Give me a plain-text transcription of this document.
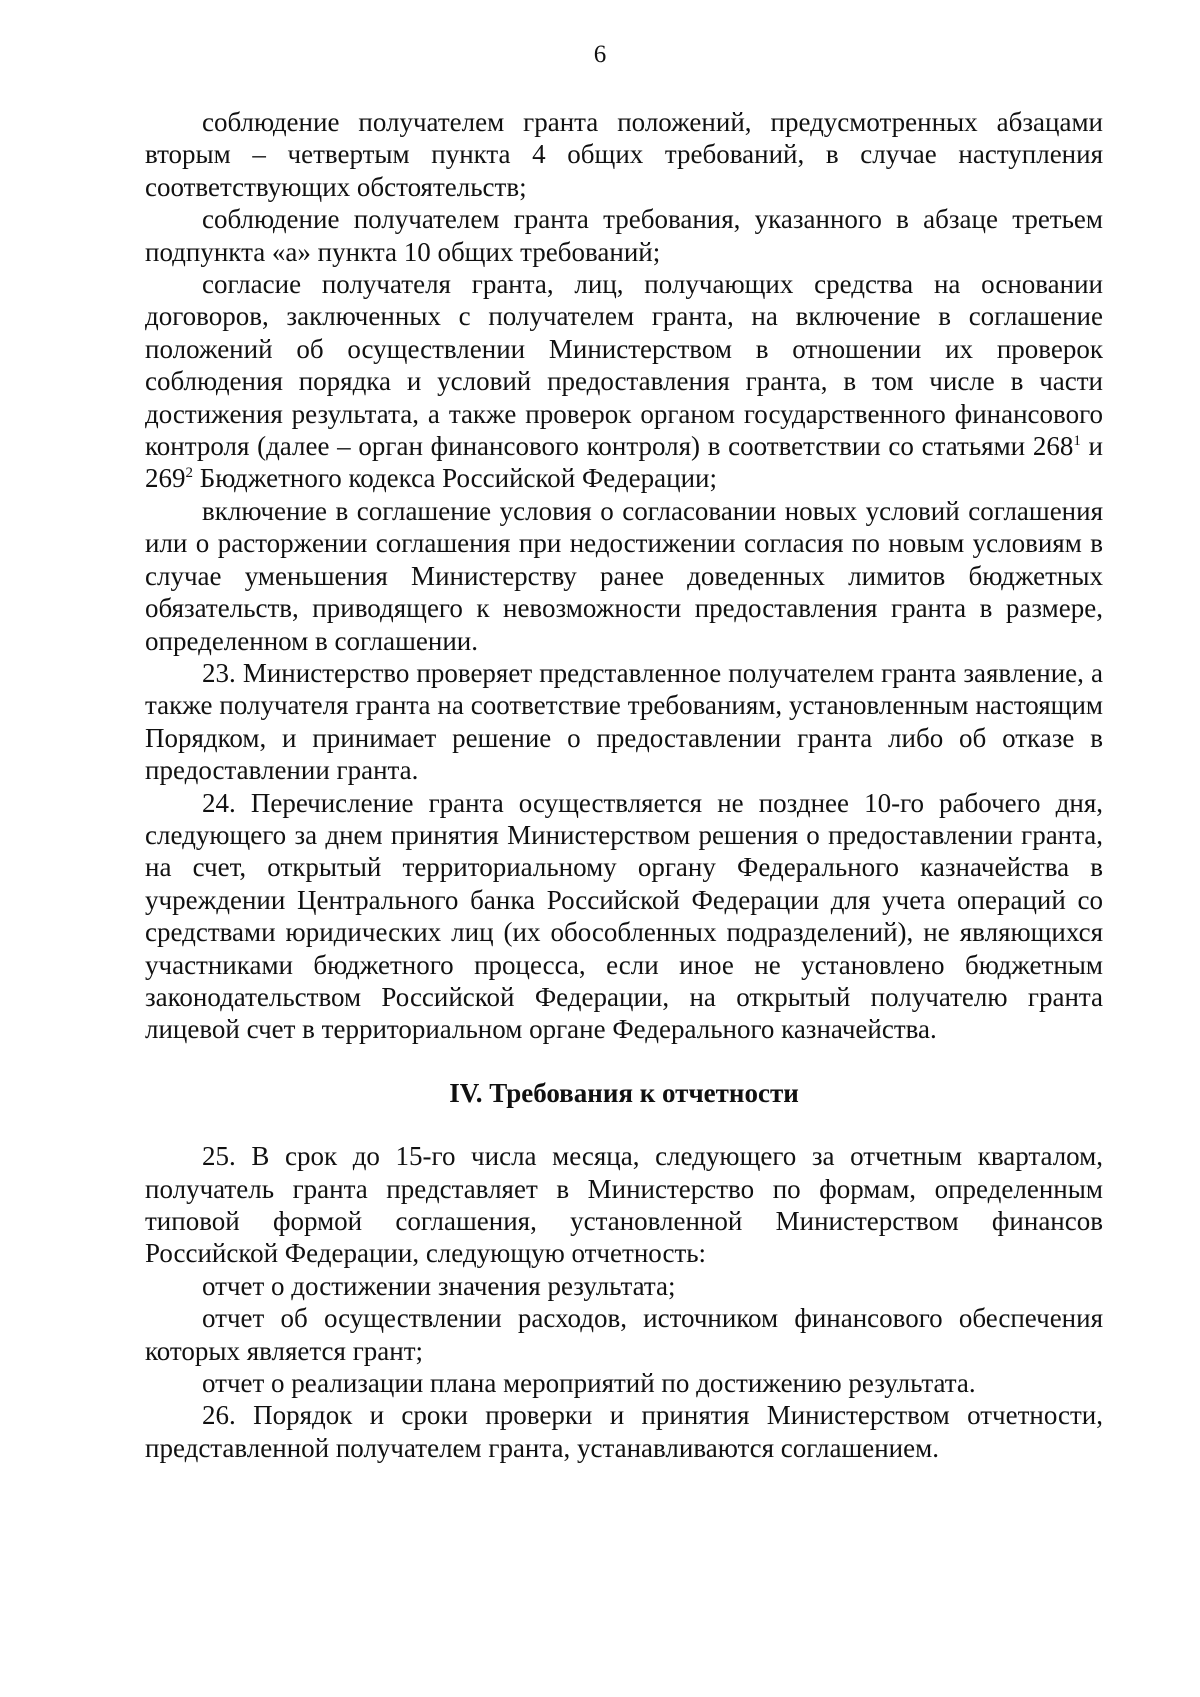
6

соблюдение получателем гранта положений, предусмотренных абзацами вторым – четвертым пункта 4 общих требований, в случае наступления соответствующих обстоятельств;

соблюдение получателем гранта требования, указанного в абзаце третьем подпункта «а» пункта 10 общих требований;

согласие получателя гранта, лиц, получающих средства на основании договоров, заключенных с получателем гранта, на включение в соглашение положений об осуществлении Министерством в отношении их проверок соблюдения порядка и условий предоставления гранта, в том числе в части достижения результата, а также проверок органом государственного финансового контроля (далее – орган финансового контроля) в соответствии со статьями $268^1$ и $269^2$ Бюджетного кодекса Российской Федерации;

включение в соглашение условия о согласовании новых условий соглашения или о расторжении соглашения при недостижении согласия по новым условиям в случае уменьшения Министерству ранее доведенных лимитов бюджетных обязательств, приводящего к невозможности предоставления гранта в размере, определенном в соглашении.

23. Министерство проверяет представленное получателем гранта заявление, а также получателя гранта на соответствие требованиям, установленным настоящим Порядком, и принимает решение о предоставлении гранта либо об отказе в предоставлении гранта.

24. Перечисление гранта осуществляется не позднее 10-го рабочего дня, следующего за днем принятия Министерством решения о предоставлении гранта, на счет, открытый территориальному органу Федерального казначейства в учреждении Центрального банка Российской Федерации для учета операций со средствами юридических лиц (их обособленных подразделений), не являющихся участниками бюджетного процесса, если иное не установлено бюджетным законодательством Российской Федерации, на открытый получателю гранта лицевой счет в территориальном органе Федерального казначейства.

IV. Требования к отчетности

25. В срок до 15-го числа месяца, следующего за отчетным кварталом, получатель гранта представляет в Министерство по формам, определенным типовой формой соглашения, установленной Министерством финансов Российской Федерации, следующую отчетность:

отчет о достижении значения результата;

отчет об осуществлении расходов, источником финансового обеспечения которых является грант;

отчет о реализации плана мероприятий по достижению результата.

26. Порядок и сроки проверки и принятия Министерством отчетности, представленной получателем гранта, устанавливаются соглашением.
